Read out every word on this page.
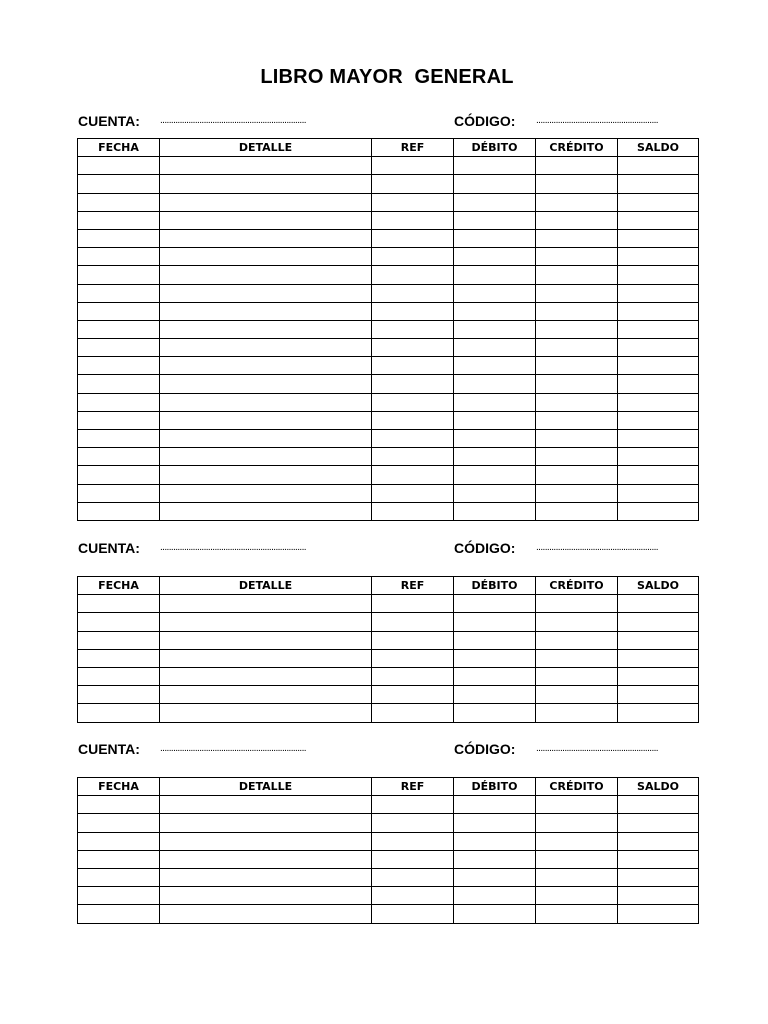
LIBRO MAYOR  GENERAL
CUENTA: ...................................................................	CÓDIGO: ........................................................
FECHA	DETALLE	REF	DÉBITO	CRÉDITO	SALDO

CUENTA: ...................................................................	CÓDIGO: ........................................................
FECHA	DETALLE	REF	DÉBITO	CRÉDITO	SALDO

CUENTA: ...................................................................	CÓDIGO: ........................................................
FECHA	DETALLE	REF	DÉBITO	CRÉDITO	SALDO
